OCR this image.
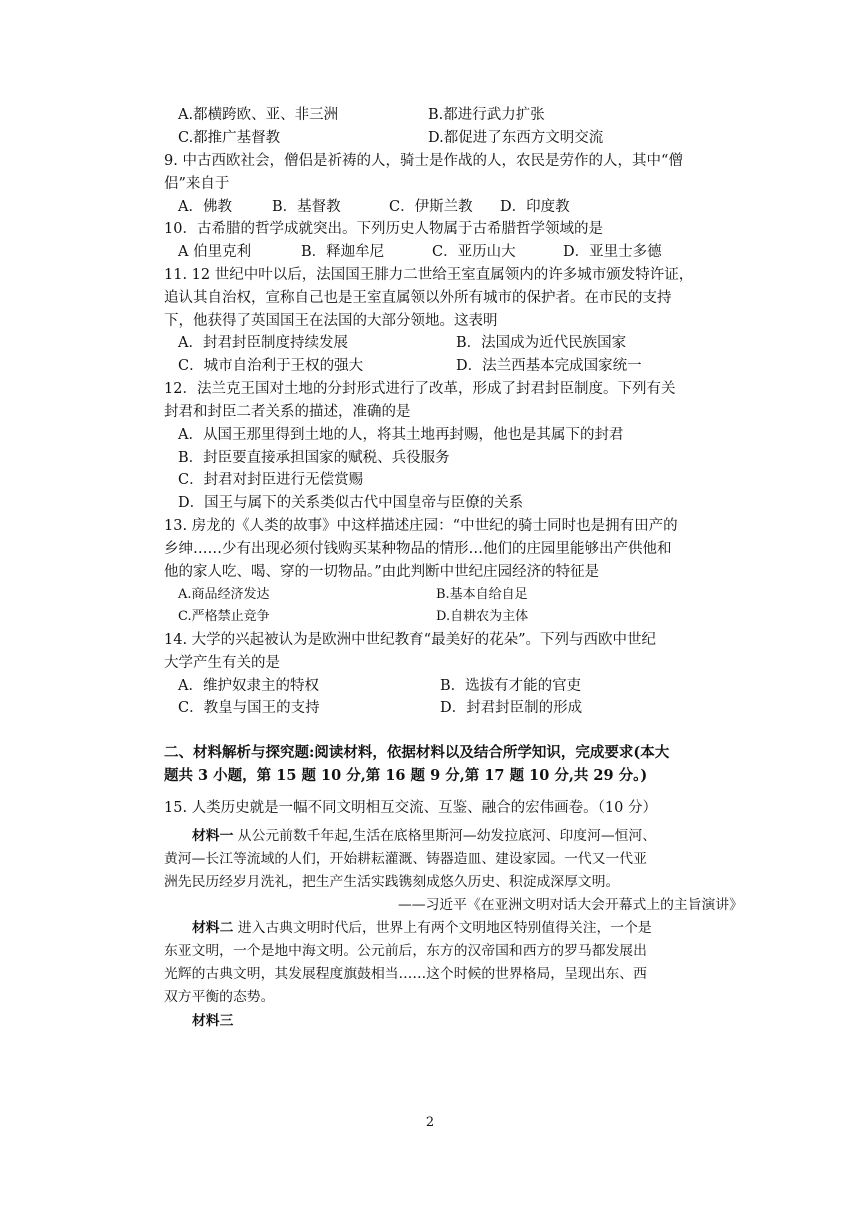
A.都横跨欧、亚、非三洲	B.都进行武力扩张
C.都推广基督教	D.都促进了东西方文明交流
9. 中古西欧社会，僧侣是祈祷的人，骑士是作战的人，农民是劳作的人，其中“僧
侣”来自于
A．佛教	B．基督教	C．伊斯兰教 D．印度教
10．古希腊的哲学成就突出。下列历史人物属于古希腊哲学领域的是
A 伯里克利	B．释迦牟尼	C．亚历山大	D．亚里士多德
11. 12 世纪中叶以后，法国国王腓力二世给王室直属领内的许多城市颁发特许证，
追认其自治权，宣称自己也是王室直属领以外所有城市的保护者。在市民的支持
下，他获得了英国国王在法国的大部分领地。这表明
A．封君封臣制度持续发展	B．法国成为近代民族国家
C．城市自治利于王权的强大	D．法兰西基本完成国家统一
12．法兰克王国对土地的分封形式进行了改革，形成了封君封臣制度。下列有关
封君和封臣二者关系的描述，准确的是
A．从国王那里得到土地的人，将其土地再封赐，他也是其属下的封君
B．封臣要直接承担国家的赋税、兵役服务
C．封君对封臣进行无偿赏赐
D．国王与属下的关系类似古代中国皇帝与臣僚的关系
13. 房龙的《人类的故事》中这样描述庄园：“中世纪的骑士同时也是拥有田产的
乡绅……少有出现必须付钱购买某种物品的情形…他们的庄园里能够出产供他和
他的家人吃、喝、穿的一切物品。”由此判断中世纪庄园经济的特征是
A.商品经济发达	B.基本自给自足
C.严格禁止竞争	D.自耕农为主体
14. 大学的兴起被认为是欧洲中世纪教育“最美好的花朵”。下列与西欧中世纪
大学产生有关的是
A．维护奴隶主的特权	B．选拔有才能的官吏
C．教皇与国王的支持	D．封君封臣制的形成
二、材料解析与探究题:阅读材料，依据材料以及结合所学知识，完成要求(本大
题共 3 小题，第 15 题 10 分,第 16 题 9 分,第 17 题 10 分,共 29 分。)
15. 人类历史就是一幅不同文明相互交流、互鉴、融合的宏伟画卷。（10 分）
材料一 从公元前数千年起,生活在底格里斯河—幼发拉底河、印度河—恒河、
黄河—长江等流域的人们，开始耕耘灌溉、铸器造皿、建设家园。一代又一代亚
洲先民历经岁月洗礼，把生产生活实践镌刻成悠久历史、积淀成深厚文明。
——习近平《在亚洲文明对话大会开幕式上的主旨演讲》
材料二 进入古典文明时代后，世界上有两个文明地区特别值得关注，一个是
东亚文明，一个是地中海文明。公元前后，东方的汉帝国和西方的罗马都发展出
光辉的古典文明，其发展程度旗鼓相当……这个时候的世界格局，呈现出东、西
双方平衡的态势。
材料三
2
